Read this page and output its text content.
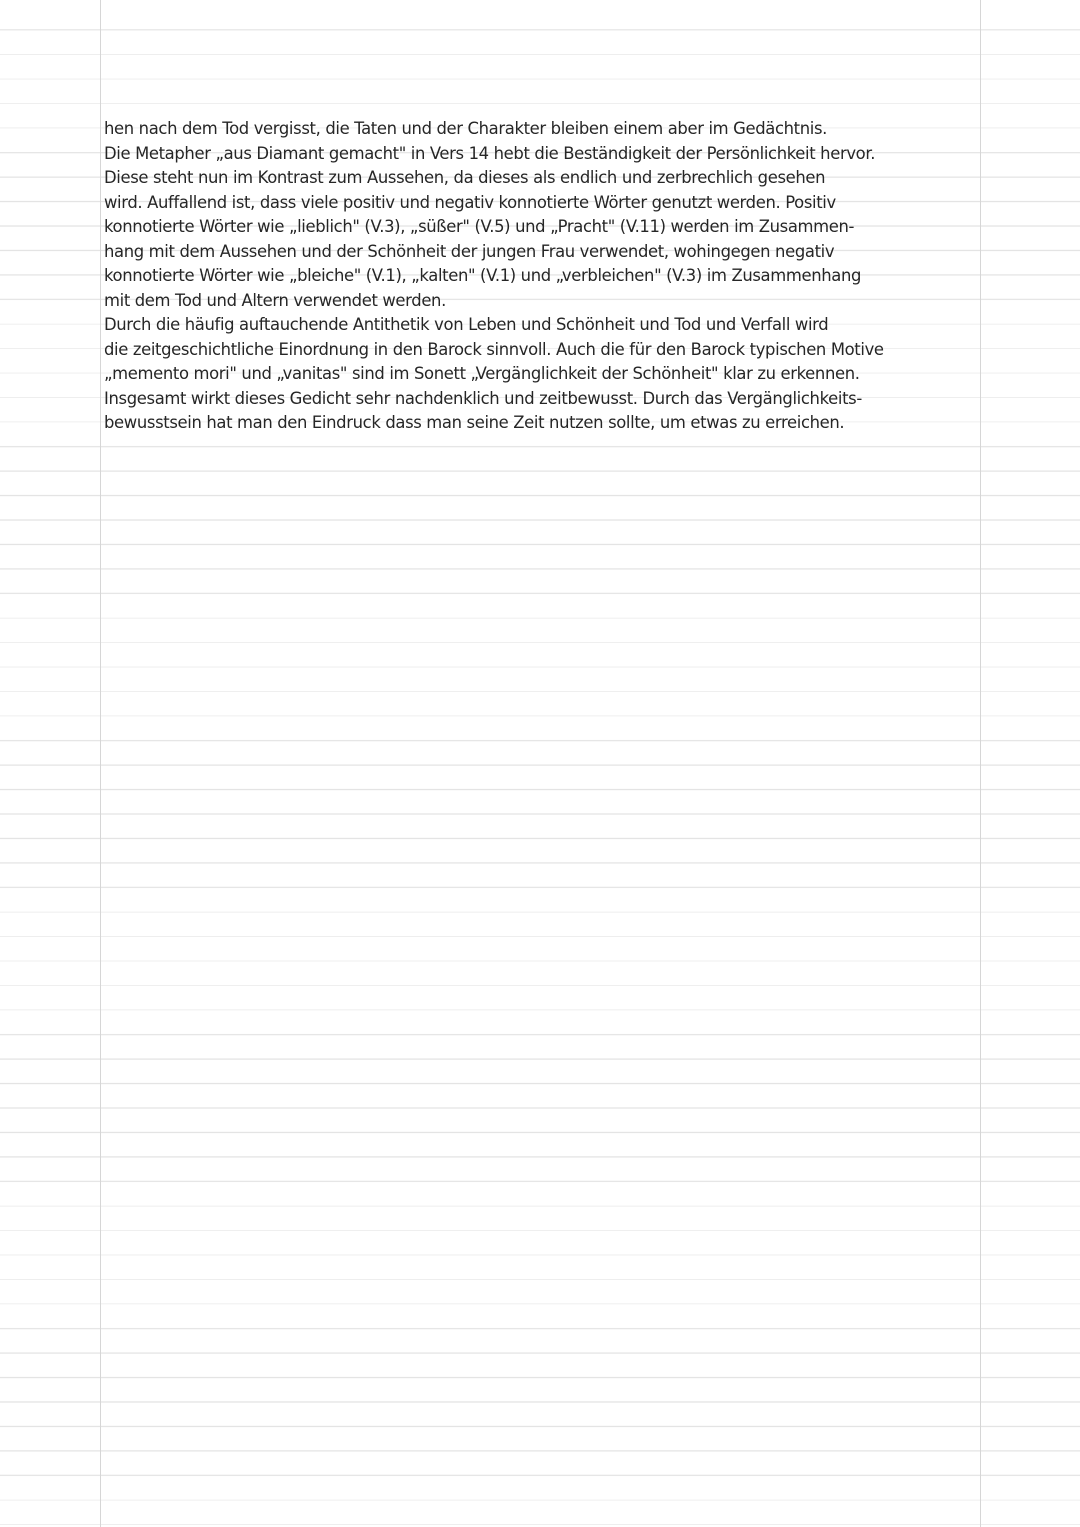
hen nach dem Tod vergisst, die Taten und der Charakter bleiben einem aber im Gedächtnis.
Die Metapher „aus Diamant gemacht" in Vers 14 hebt die Beständigkeit der Persönlichkeit hervor.
Diese steht nun im Kontrast zum Aussehen, da dieses als endlich und zerbrechlich gesehen
wird. Auffallend ist, dass viele positiv und negativ konnotierte Wörter genutzt werden. Positiv
konnotierte Wörter wie „lieblich" (V.3), „süßer" (V.5) und „Pracht" (V.11) werden im Zusammen-
hang mit dem Aussehen und der Schönheit der jungen Frau verwendet, wohingegen negativ
konnotierte Wörter wie „bleiche" (V.1), „kalten" (V.1) und „verbleichen" (V.3) im Zusammenhang
mit dem Tod und Altern verwendet werden.
Durch die häufig auftauchende Antithetik von Leben und Schönheit und Tod und Verfall wird
die zeitgeschichtliche Einordnung in den Barock sinnvoll. Auch die für den Barock typischen Motive
„memento mori" und „vanitas" sind im Sonett „Vergänglichkeit der Schönheit" klar zu erkennen.
Insgesamt wirkt dieses Gedicht sehr nachdenklich und zeitbewusst. Durch das Vergänglichkeits-
bewusstsein hat man den Eindruck dass man seine Zeit nutzen sollte, um etwas zu erreichen.
